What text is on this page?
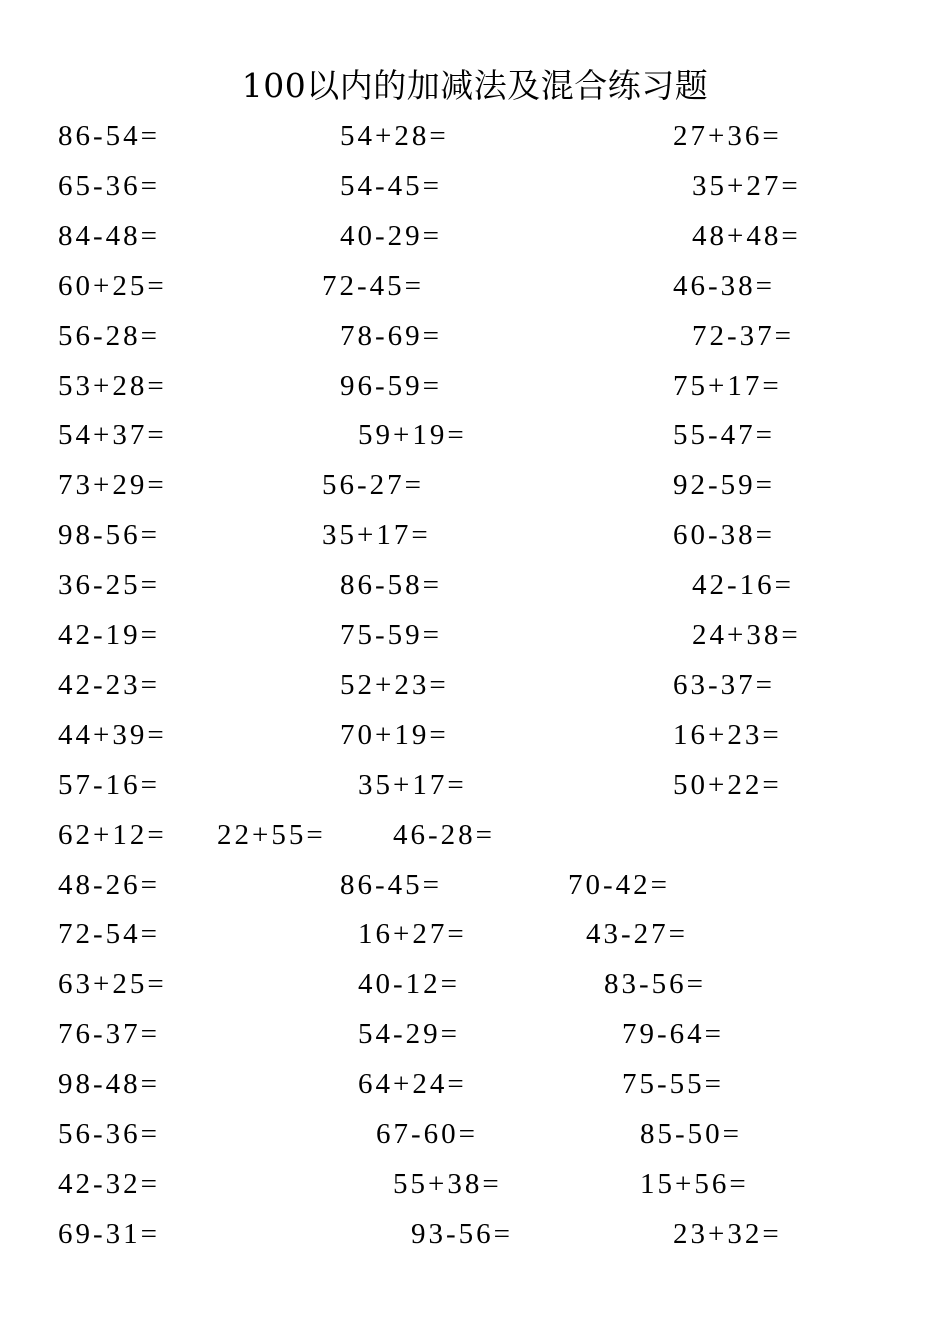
100以内的加减法及混合练习题
86-54=	54+28=	27+36=
65-36=	54-45=	35+27=
84-48=	40-29=	48+48=
60+25=	72-45=	46-38=
56-28=	78-69=	72-37=
53+28=	96-59=	75+17=
54+37=	59+19=	55-47=
73+29=	56-27=	92-59=
98-56=	35+17=	60-38=
36-25=	86-58=	42-16=
42-19=	75-59=	24+38=
42-23=	52+23=	63-37=
44+39=	70+19=	16+23=
57-16=	35+17=	50+22=
62+12= 22+55= 46-28=
48-26=	86-45=	70-42=
72-54=	16+27=	43-27=
63+25=	40-12=	83-56=
76-37=	54-29=	79-64=
98-48=	64+24=	75-55=
56-36=	67-60=	85-50=
42-32=	55+38=	15+56=
69-31=	93-56=	23+32=
